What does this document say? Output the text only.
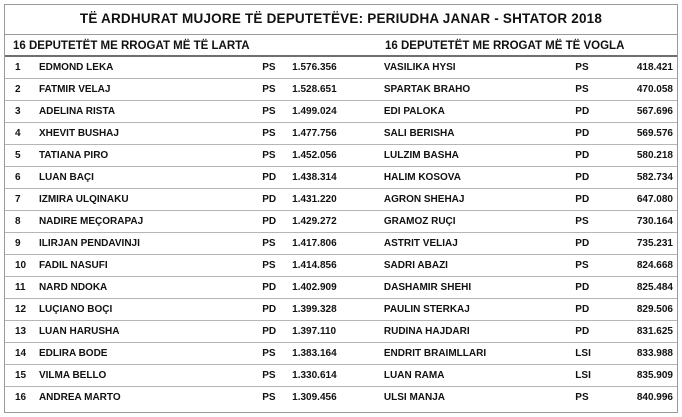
TË ARDHURAT MUJORE TË DEPUTETËVE: PERIUDHA JANAR - SHTATOR 2018
16 DEPUTETËT ME RROGAT MË TË LARTA	16 DEPUTETËT ME RROGAT MË TË VOGLA
1	EDMOND LEKA	PS	1.576.356	VASILIKA HYSI	PS	418.421
2	FATMIR VELAJ	PS	1.528.651	SPARTAK BRAHO	PS	470.058
3	ADELINA RISTA	PS	1.499.024	EDI PALOKA	PD	567.696
4	XHEVIT BUSHAJ	PS	1.477.756	SALI BERISHA	PD	569.576
5	TATIANA PIRO	PS	1.452.056	LULZIM BASHA	PD	580.218
6	LUAN BAÇI	PD	1.438.314	HALIM KOSOVA	PD	582.734
7	IZMIRA ULQINAKU	PD	1.431.220	AGRON SHEHAJ	PD	647.080
8	NADIRE MEÇORAPAJ	PD	1.429.272	GRAMOZ RUÇI	PS	730.164
9	ILIRJAN PENDAVINJI	PS	1.417.806	ASTRIT VELIAJ	PD	735.231
10	FADIL NASUFI	PS	1.414.856	SADRI ABAZI	PS	824.668
11	NARD NDOKA	PD	1.402.909	DASHAMIR SHEHI	PD	825.484
12	LUÇIANO BOÇI	PD	1.399.328	PAULIN STERKAJ	PD	829.506
13	LUAN HARUSHA	PD	1.397.110	RUDINA HAJDARI	PD	831.625
14	EDLIRA BODE	PS	1.383.164	ENDRIT BRAIMLLARI	LSI	833.988
15	VILMA BELLO	PS	1.330.614	LUAN RAMA	LSI	835.909
16	ANDREA MARTO	PS	1.309.456	ULSI MANJA	PS	840.996
